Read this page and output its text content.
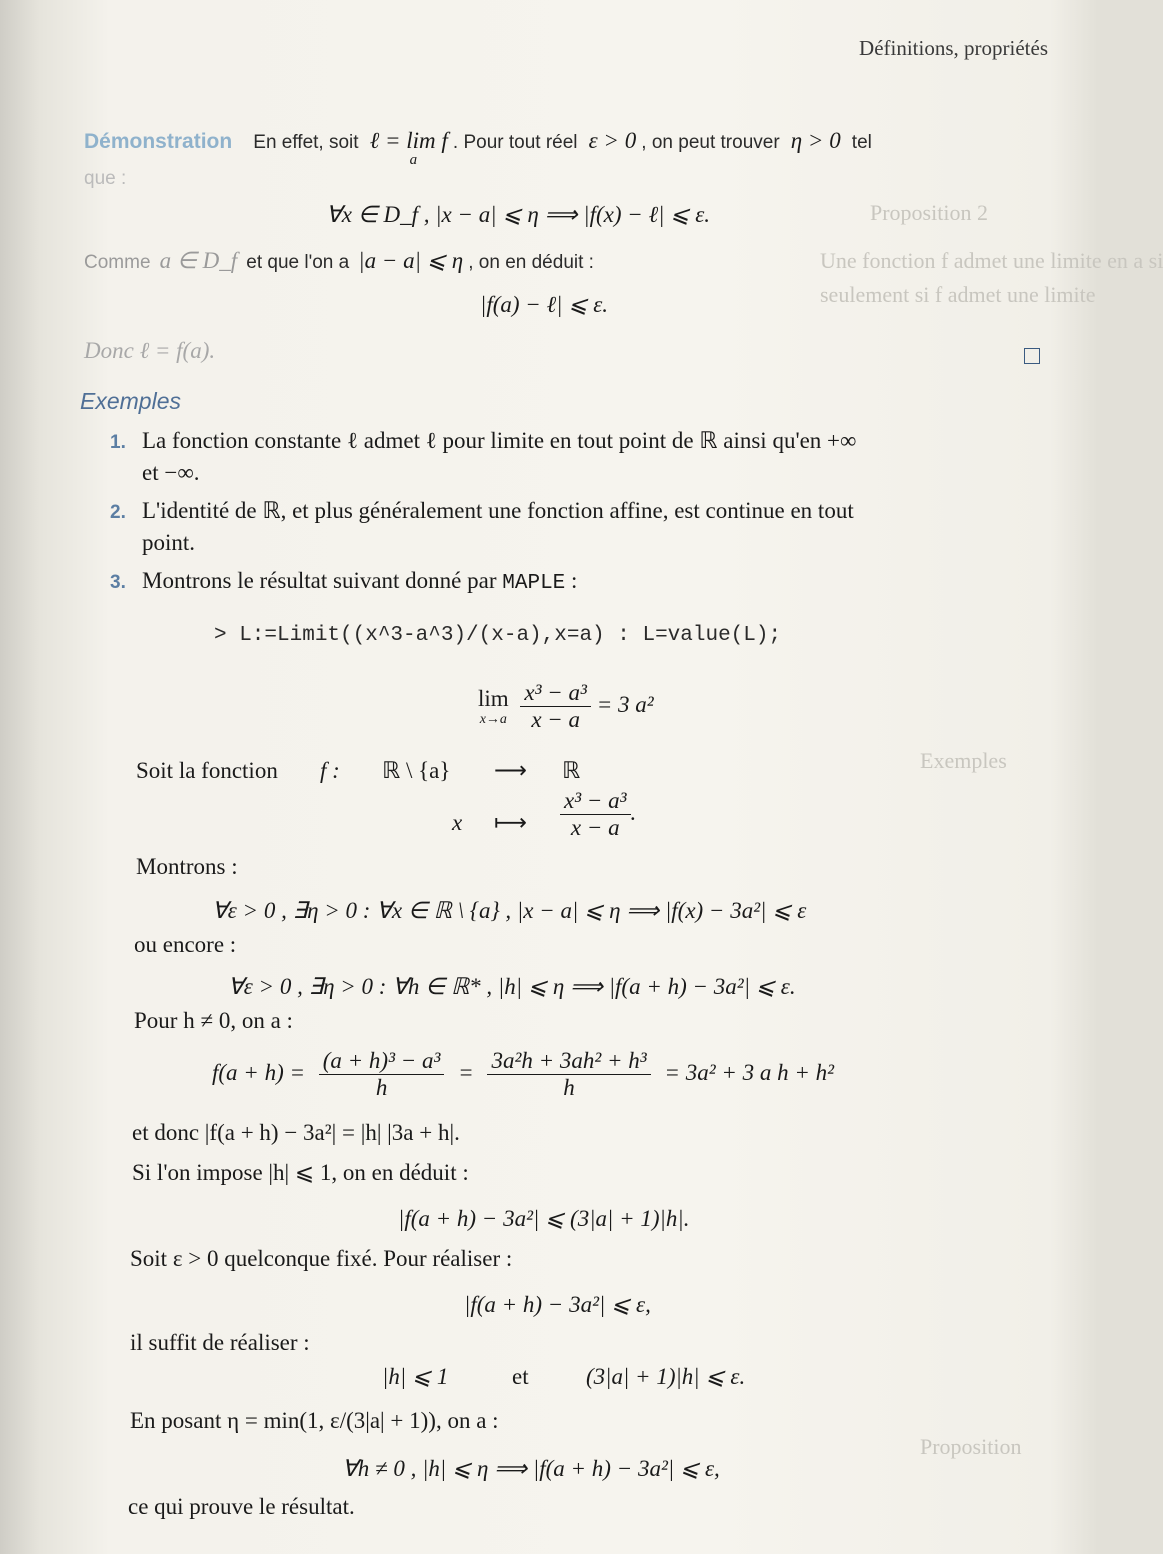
Définitions, propriétés
Proposition 2
Une fonction f admet une limite en a si
seulement si f admet une limite
Exemples
Proposition
Démonstration En effet, soit ℓ = lim f
a
. Pour tout réel ε > 0 , on peut trouver η > 0 tel
que :
∀x ∈ D_f , |x − a| ⩽ η ⟹ |f(x) − ℓ| ⩽ ε.
Comme a ∈ D_f et que l'on a |a − a| ⩽ η , on en déduit :
|f(a) − ℓ| ⩽ ε.
Donc ℓ = f(a).
Exemples
1. La fonction constante ℓ admet ℓ pour limite en tout point de ℝ ainsi qu'en +∞
et −∞.
2. L'identité de ℝ, et plus généralement une fonction affine, est continue en tout
point.
3. Montrons le résultat suivant donné par MAPLE :
> L:=Limit((x^3-a^3)/(x-a),x=a) : L=value(L);
lim
x→a
$\frac{\text{x³ − a³}}{x - a} = 3$ a²
Soit la fonction f : ℝ \ {a} ⟶ ℝ
x ⟼ $\frac{\text{x³ − a³}}{x - a}$ .
Montrons :
∀ε > 0 , ∃η > 0 : ∀x ∈ ℝ \ {a} , |x − a| ⩽ η ⟹ |f(x) − 3a²| ⩽ ε
ou encore :
∀ε > 0 , ∃η > 0 : ∀h ∈ ℝ* , |h| ⩽ η ⟹ |f(a + h) − 3a²| ⩽ ε.
Pour h ≠ 0, on a :
$f(a + h) = \frac{\text{(a + h)³ − a³}}{h} = \frac{\text{3a²h + 3ah² + h³}}{h} = 3a^2 + 3$ a h + h²
et donc |f(a + h) − 3a²| = |h| |3a + h|.
Si l'on impose |h| ⩽ 1, on en déduit :
|f(a + h) − 3a²| ⩽ (3|a| + 1)|h|.
Soit ε > 0 quelconque fixé. Pour réaliser :
|f(a + h) − 3a²| ⩽ ε,
il suffit de réaliser :
|h| ⩽ 1	et (3|a| + 1)|h| ⩽ ε.
En posant η = min(1, ε/(3|a| + 1)), on a :
∀h ≠ 0 , |h| ⩽ η ⟹ |f(a + h) − 3a²| ⩽ ε,
ce qui prouve le résultat.
